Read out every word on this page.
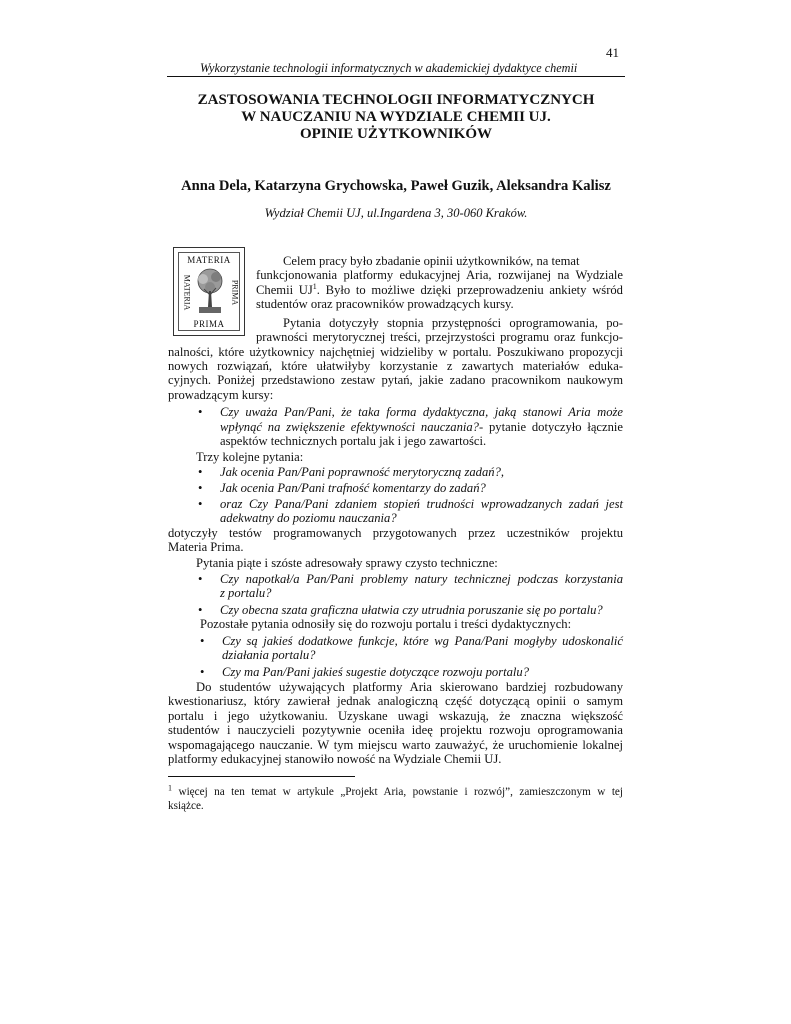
41
Wykorzystanie technologii informatycznych w akademickiej dydaktyce chemii
ZASTOSOWANIA TECHNOLOGII INFORMATYCZNYCH
W NAUCZANIU NA WYDZIALE CHEMII UJ.
OPINIE UŻYTKOWNIKÓW
Anna Dela, Katarzyna Grychowska, Paweł Guzik, Aleksandra Kalisz
Wydział Chemii UJ, ul.Ingardena 3, 30-060 Kraków.
MATERIA
PRIMA
MATERIA	PRIMA
Celem pracy było zbadanie opinii użytkowników, na temat
funkcjonowania platformy edukacyjnej Aria, rozwijanej na Wydziale
Chemii $UJ^1$. Było to możliwe dzięki przeprowadzeniu ankiety wśród
studentów oraz pracowników prowadzących kursy.
Pytania dotyczyły stopnia przystępności oprogramowania, po-
prawności merytorycznej treści, przejrzystości programu oraz funkcjo-
nalności, które użytkownicy najchętniej widzieliby w portalu. Poszukiwano propozycji
nowych rozwiązań, które ułatwiłyby korzystanie z zawartych materiałów eduka-
cyjnych. Poniżej przedstawiono zestaw pytań, jakie zadano pracownikom naukowym
prowadzącym kursy:
• Czy uważa Pan/Pani, że taka forma dydaktyczna, jaką stanowi Aria może
wpłynąć na zwiększenie efektywności nauczania?- pytanie dotyczyło łącznie
aspektów technicznych portalu jak i jego zawartości.
Trzy kolejne pytania:
• Jak ocenia Pan/Pani poprawność merytoryczną zadań?,
• Jak ocenia Pan/Pani trafność komentarzy do zadań?
• oraz Czy Pana/Pani zdaniem stopień trudności wprowadzanych zadań jest
adekwatny do poziomu nauczania?
dotyczyły testów programowanych przygotowanych przez uczestników projektu
Materia Prima.
Pytania piąte i szóste adresowały sprawy czysto techniczne:
• Czy napotkał/a Pan/Pani problemy natury technicznej podczas korzystania
z portalu?
• Czy obecna szata graficzna ułatwia czy utrudnia poruszanie się po portalu?
Pozostałe pytania odnosiły się do rozwoju portalu i treści dydaktycznych:
• Czy są jakieś dodatkowe funkcje, które wg Pana/Pani mogłyby udoskonalić
działania portalu?
• Czy ma Pan/Pani jakieś sugestie dotyczące rozwoju portalu?
Do studentów używających platformy Aria skierowano bardziej rozbudowany
kwestionariusz, który zawierał jednak analogiczną część dotyczącą opinii o samym
portalu i jego użytkowaniu. Uzyskane uwagi wskazują, że znaczna większość
studentów i nauczycieli pozytywnie oceniła ideę projektu rozwoju oprogramowania
wspomagającego nauczanie. W tym miejscu warto zauważyć, że uruchomienie lokalnej
platformy edukacyjnej stanowiło nowość na Wydziale Chemii UJ.
$^1$ więcej na ten temat w artykule „Projekt Aria, powstanie i rozwój”, zamieszczonym w tej
książce.
